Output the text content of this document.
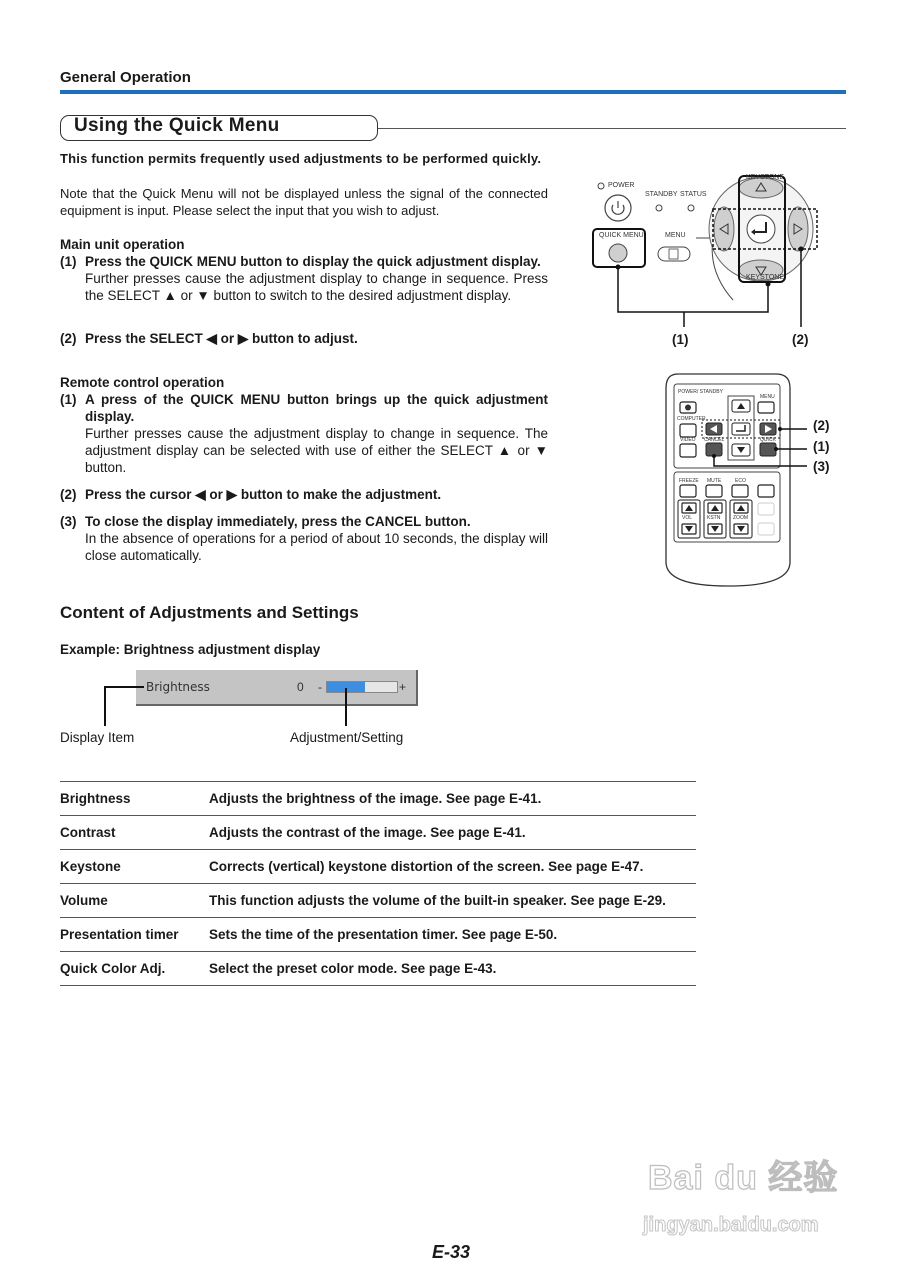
General Operation
Using the Quick Menu
This function permits frequently used adjustments to be performed quickly.
Note that the Quick Menu will not be displayed unless the signal of the connected equipment is input. Please select the input that you wish to adjust.
Main unit operation
(1) Press the QUICK MENU button to display the quick adjustment display.
Further presses cause the adjustment display to change in sequence. Press the SELECT ▲ or ▼ button to switch to the desired adjustment display.
(2) Press the SELECT ◀ or ▶ button to adjust.
Remote control operation
(1) A press of the QUICK MENU button brings up the quick adjustment display.
Further presses cause the adjustment display to change in sequence. The adjustment display can be selected with use of either the SELECT ▲ or ▼ button.
(2) Press the cursor ◀ or ▶ button to make the adjustment.
(3) To close the display immediately, press the CANCEL button.
In the absence of operations for a period of about 10 seconds, the display will close automatically.
POWER
STANDBY STATUS
QUICK MENU	MENU
KEYSTONE
KEYSTONE
(1)	(2)
POWER/ STANDBY
MENU
COMPUTER
VIDEO CANCEL	QUICK
FREEZE MUTE	ECO
VOL	KSTN	ZOOM
(2)
(1)
(3)
Content of Adjustments and Settings
Example: Brightness adjustment display
Brightness	0 -	+
Display Item	Adjustment/Setting
Brightness	Adjusts the brightness of the image. See page E-41.
Contrast	Adjusts the contrast of the image. See page E-41.
Keystone	Corrects (vertical) keystone distortion of the screen. See page E-47.
Volume	This function adjusts the volume of the built-in speaker. See page E-29.
Presentation timer	Sets the time of the presentation timer. See page E-50.
Quick Color Adj.	Select the preset color mode. See page E-43.
Bai du 经验
jingyan.baidu.com
E-33
